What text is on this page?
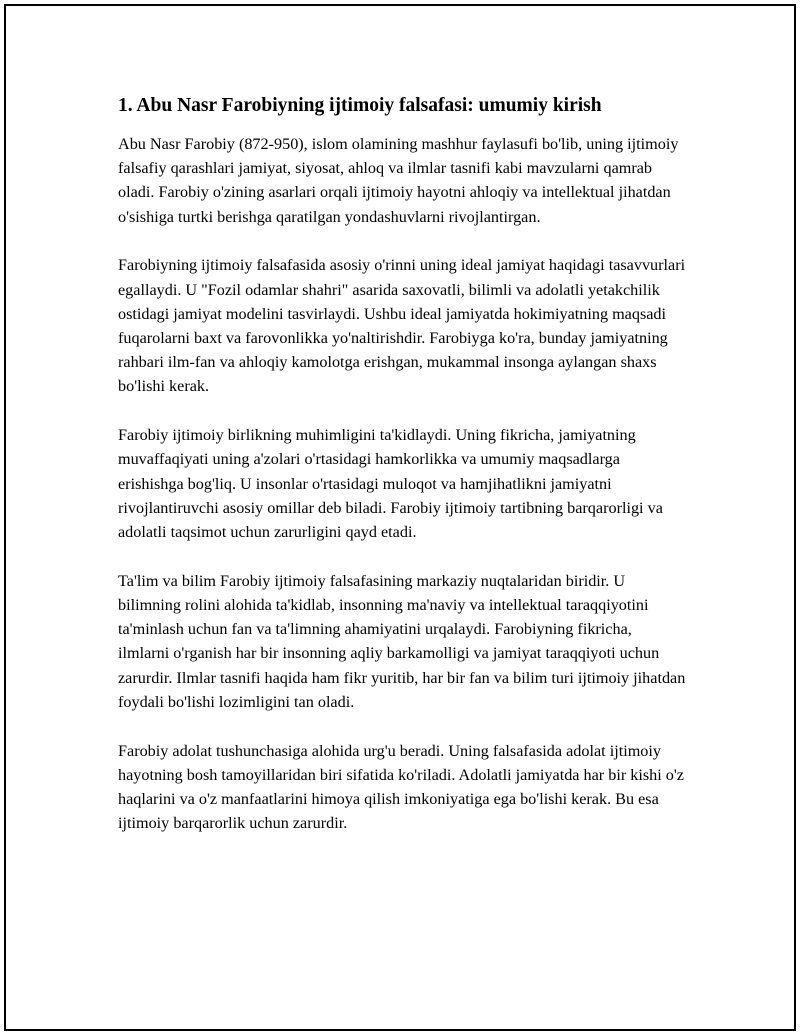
1. Abu Nasr Farobiyning ijtimoiy falsafasi: umumiy kirish

Abu Nasr Farobiy (872-950), islom olamining mashhur faylasufi bo'lib, uning ijtimoiy falsafiy qarashlari jamiyat, siyosat, ahloq va ilmlar tasnifi kabi mavzularni qamrab oladi. Farobiy o'zining asarlari orqali ijtimoiy hayotni ahloqiy va intellektual jihatdan o'sishiga turtki berishga qaratilgan yondashuvlarni rivojlantirgan.

Farobiyning ijtimoiy falsafasida asosiy o'rinni uning ideal jamiyat haqidagi tasavvurlari egallaydi. U "Fozil odamlar shahri" asarida saxovatli, bilimli va adolatli yetakchilik ostidagi jamiyat modelini tasvirlaydi. Ushbu ideal jamiyatda hokimiyatning maqsadi fuqarolarni baxt va farovonlikka yo'naltirishdir. Farobiyga ko'ra, bunday jamiyatning rahbari ilm-fan va ahloqiy kamolotga erishgan, mukammal insonga aylangan shaxs bo'lishi kerak.

Farobiy ijtimoiy birlikning muhimligini ta'kidlaydi. Uning fikricha, jamiyatning muvaffaqiyati uning a'zolari o'rtasidagi hamkorlikka va umumiy maqsadlarga erishishga bog'liq. U insonlar o'rtasidagi muloqot va hamjihatlikni jamiyatni rivojlantiruvchi asosiy omillar deb biladi. Farobiy ijtimoiy tartibning barqarorligi va adolatli taqsimot uchun zarurligini qayd etadi.

Ta'lim va bilim Farobiy ijtimoiy falsafasining markaziy nuqtalaridan biridir. U bilimning rolini alohida ta'kidlab, insonning ma'naviy va intellektual taraqqiyotini ta'minlash uchun fan va ta'limning ahamiyatini urqalaydi. Farobiyning fikricha, ilmlarni o'rganish har bir insonning aqliy barkamolligi va jamiyat taraqqiyoti uchun zarurdir. Ilmlar tasnifi haqida ham fikr yuritib, har bir fan va bilim turi ijtimoiy jihatdan foydali bo'lishi lozimligini tan oladi.

Farobiy adolat tushunchasiga alohida urg'u beradi. Uning falsafasida adolat ijtimoiy hayotning bosh tamoyillaridan biri sifatida ko'riladi. Adolatli jamiyatda har bir kishi o'z haqlarini va o'z manfaatlarini himoya qilish imkoniyatiga ega bo'lishi kerak. Bu esa ijtimoiy barqarorlik uchun zarurdir.
